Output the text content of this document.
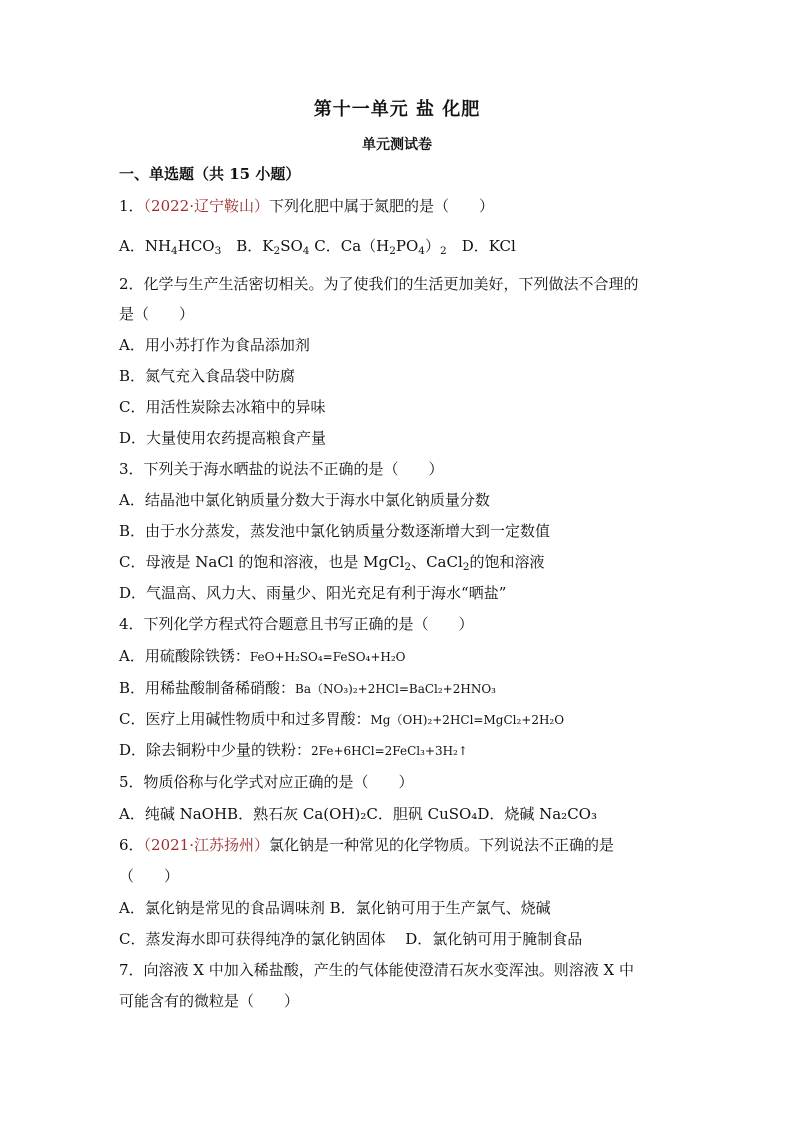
第十一单元 盐 化肥
单元测试卷
一、单选题（共 15 小题）
1．（2022·辽宁鞍山）下列化肥中属于氮肥的是（　　）
A．$NH_4HCO_3$　B．$K_2SO_4$ C．$Ca(H_2PO_4)_2$　D．KCl
2．化学与生产生活密切相关。为了使我们的生活更加美好，下列做法不合理的
是（　　）
A．用小苏打作为食品添加剂
B．氮气充入食品袋中防腐
C．用活性炭除去冰箱中的异味
D．大量使用农药提高粮食产量
3．下列关于海水晒盐的说法不正确的是（　　）
A．结晶池中氯化钠质量分数大于海水中氯化钠质量分数
B．由于水分蒸发，蒸发池中氯化钠质量分数逐渐增大到一定数值
C．母液是 NaCl 的饱和溶液，也是 MgCl$_2$、CaCl$_2$的饱和溶液
D．气温高、风力大、雨量少、阳光充足有利于海水“晒盐”
4．下列化学方程式符合题意且书写正确的是（　　）
A．用硫酸除铁锈：FeO+H₂SO₄=FeSO₄+H₂O
B．用稀盐酸制备稀硝酸：Ba（NO₃)₂+2HCl=BaCl₂+2HNO₃
C．医疗上用碱性物质中和过多胃酸：Mg（OH)₂+2HCl=MgCl₂+2H₂O
D．除去铜粉中少量的铁粉：2Fe+6HCl=2FeCl₃+3H₂↑
5．物质俗称与化学式对应正确的是（　　）
A．纯碱 NaOHB．熟石灰 Ca(OH)₂C．胆矾 CuSO₄D．烧碱 Na₂CO₃
6．（2021·江苏扬州）氯化钠是一种常见的化学物质。下列说法不正确的是
（　　）
A．氯化钠是常见的食品调味剂 B．氯化钠可用于生产氯气、烧碱
C．蒸发海水即可获得纯净的氯化钠固体　 D．氯化钠可用于腌制食品
7．向溶液 X 中加入稀盐酸，产生的气体能使澄清石灰水变浑浊。则溶液 X 中
可能含有的微粒是（　　）
